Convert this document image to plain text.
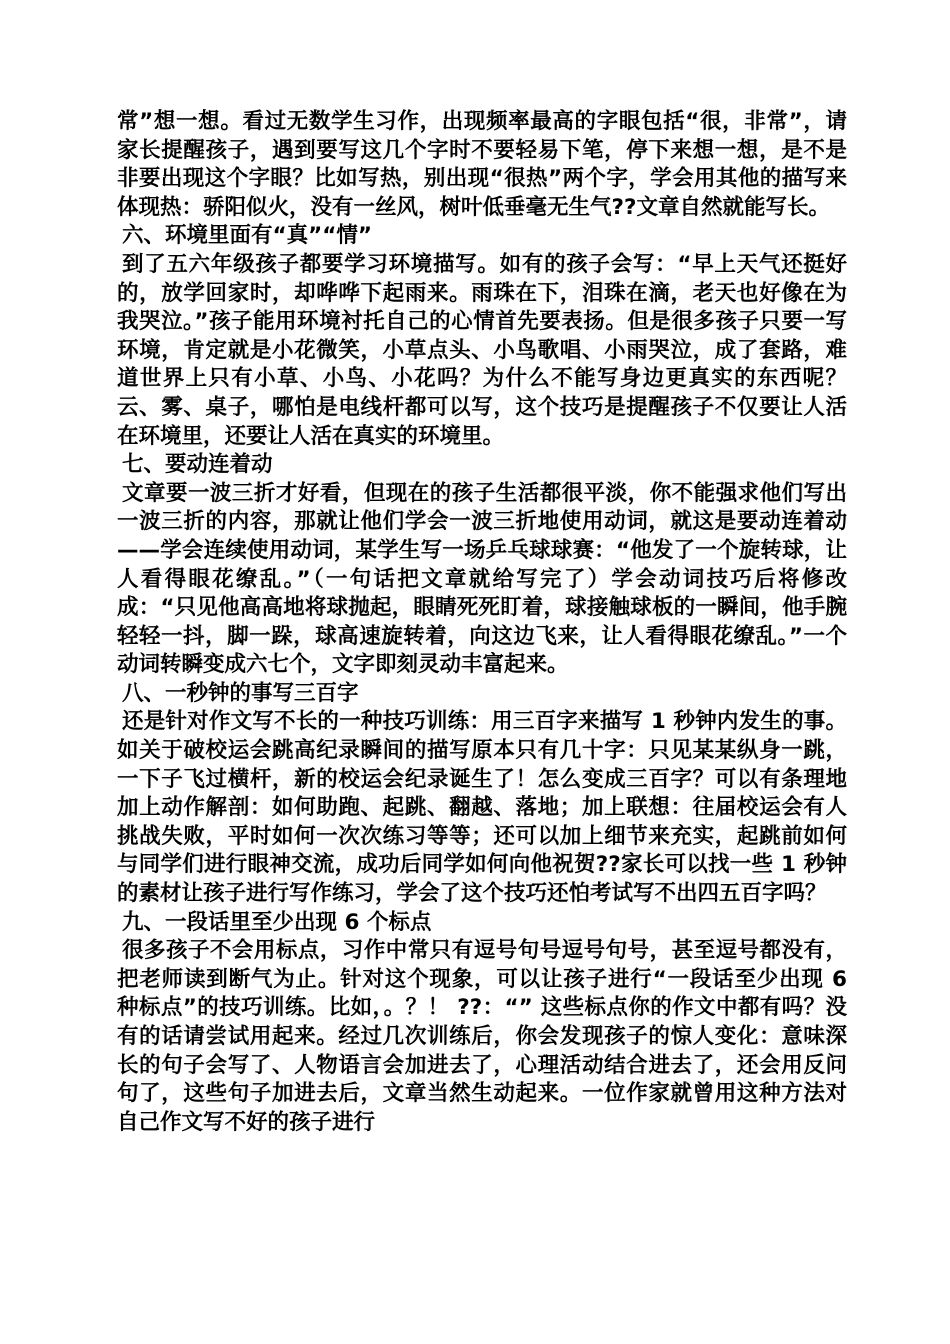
常”想一想。看过无数学生习作，出现频率最高的字眼包括“很，非常”，请家长提醒孩子，遇到要写这几个字时不要轻易下笔，停下来想一想，是不是非要出现这个字眼？比如写热，别出现“很热”两个字，学会用其他的描写来体现热：骄阳似火，没有一丝风，树叶低垂毫无生气??文章自然就能写长。

六、环境里面有“真”“情”

到了五六年级孩子都要学习环境描写。如有的孩子会写：“早上天气还挺好的，放学回家时，却哗哗下起雨来。雨珠在下，泪珠在滴，老天也好像在为我哭泣。”孩子能用环境衬托自己的心情首先要表扬。但是很多孩子只要一写环境，肯定就是小花微笑，小草点头、小鸟歌唱、小雨哭泣，成了套路，难道世界上只有小草、小鸟、小花吗？为什么不能写身边更真实的东西呢？云、雾、桌子，哪怕是电线杆都可以写，这个技巧是提醒孩子不仅要让人活在环境里，还要让人活在真实的环境里。

七、要动连着动

文章要一波三折才好看，但现在的孩子生活都很平淡，你不能强求他们写出一波三折的内容，那就让他们学会一波三折地使用动词，就这是要动连着动——学会连续使用动词，某学生写一场乒乓球球赛：“他发了一个旋转球，让人看得眼花缭乱。”（一句话把文章就给写完了）学会动词技巧后将修改成：“只见他高高地将球抛起，眼睛死死盯着，球接触球板的一瞬间，他手腕轻轻一抖，脚一跺，球高速旋转着，向这边飞来，让人看得眼花缭乱。”一个动词转瞬变成六七个，文字即刻灵动丰富起来。

八、一秒钟的事写三百字

还是针对作文写不长的一种技巧训练：用三百字来描写 1 秒钟内发生的事。如关于破校运会跳高纪录瞬间的描写原本只有几十字：只见某某纵身一跳，一下子飞过横杆，新的校运会纪录诞生了！怎么变成三百字？可以有条理地加上动作解剖：如何助跑、起跳、翻越、落地；加上联想：往届校运会有人挑战失败，平时如何一次次练习等等；还可以加上细节来充实，起跳前如何与同学们进行眼神交流，成功后同学如何向他祝贺??家长可以找一些 1 秒钟的素材让孩子进行写作练习，学会了这个技巧还怕考试写不出四五百字吗？

九、一段话里至少出现 6 个标点

很多孩子不会用标点，习作中常只有逗号句号逗号句号，甚至逗号都没有，把老师读到断气为止。针对这个现象，可以让孩子进行“一段话至少出现 6 种标点”的技巧训练。比如，。？！ ??：“” 这些标点你的作文中都有吗？没有的话请尝试用起来。经过几次训练后，你会发现孩子的惊人变化：意味深长的句子会写了、人物语言会加进去了，心理活动结合进去了，还会用反问句了，这些句子加进去后，文章当然生动起来。一位作家就曾用这种方法对自己作文写不好的孩子进行
